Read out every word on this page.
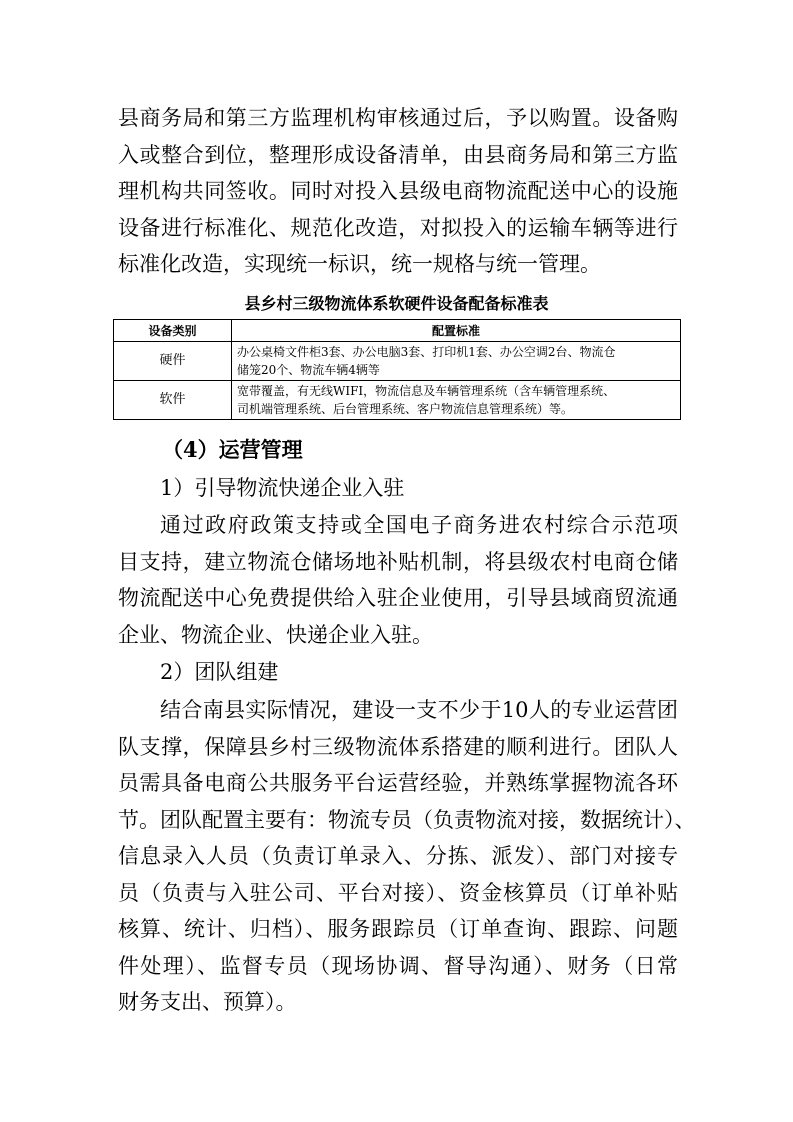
县商务局和第三方监理机构审核通过后，予以购置。设备购
入或整合到位，整理形成设备清单，由县商务局和第三方监
理机构共同签收。同时对投入县级电商物流配送中心的设施
设备进行标准化、规范化改造，对拟投入的运输车辆等进行
标准化改造，实现统一标识，统一规格与统一管理。
县乡村三级物流体系软硬件设备配备标准表
设备类别	配置标准
硬件	办公桌椅文件柜3套、办公电脑3套、打印机1套、办公空调2台、物流仓
储笼20个、物流车辆4辆等

软件	宽带覆盖，有无线WIFI，物流信息及车辆管理系统（含车辆管理系统、
司机端管理系统、后台管理系统、客户物流信息管理系统）等。
（4）运营管理
1）引导物流快递企业入驻
通过政府政策支持或全国电子商务进农村综合示范项
目支持，建立物流仓储场地补贴机制，将县级农村电商仓储
物流配送中心免费提供给入驻企业使用，引导县域商贸流通
企业、物流企业、快递企业入驻。
2）团队组建
结合南县实际情况，建设一支不少于10人的专业运营团
队支撑，保障县乡村三级物流体系搭建的顺利进行。团队人
员需具备电商公共服务平台运营经验，并熟练掌握物流各环
节。团队配置主要有：物流专员（负责物流对接，数据统计）、
信息录入人员（负责订单录入、分拣、派发）、部门对接专
员（负责与入驻公司、平台对接）、资金核算员（订单补贴
核算、统计、归档）、服务跟踪员（订单查询、跟踪、问题
件处理）、监督专员（现场协调、督导沟通）、财务（日常
财务支出、预算）。
